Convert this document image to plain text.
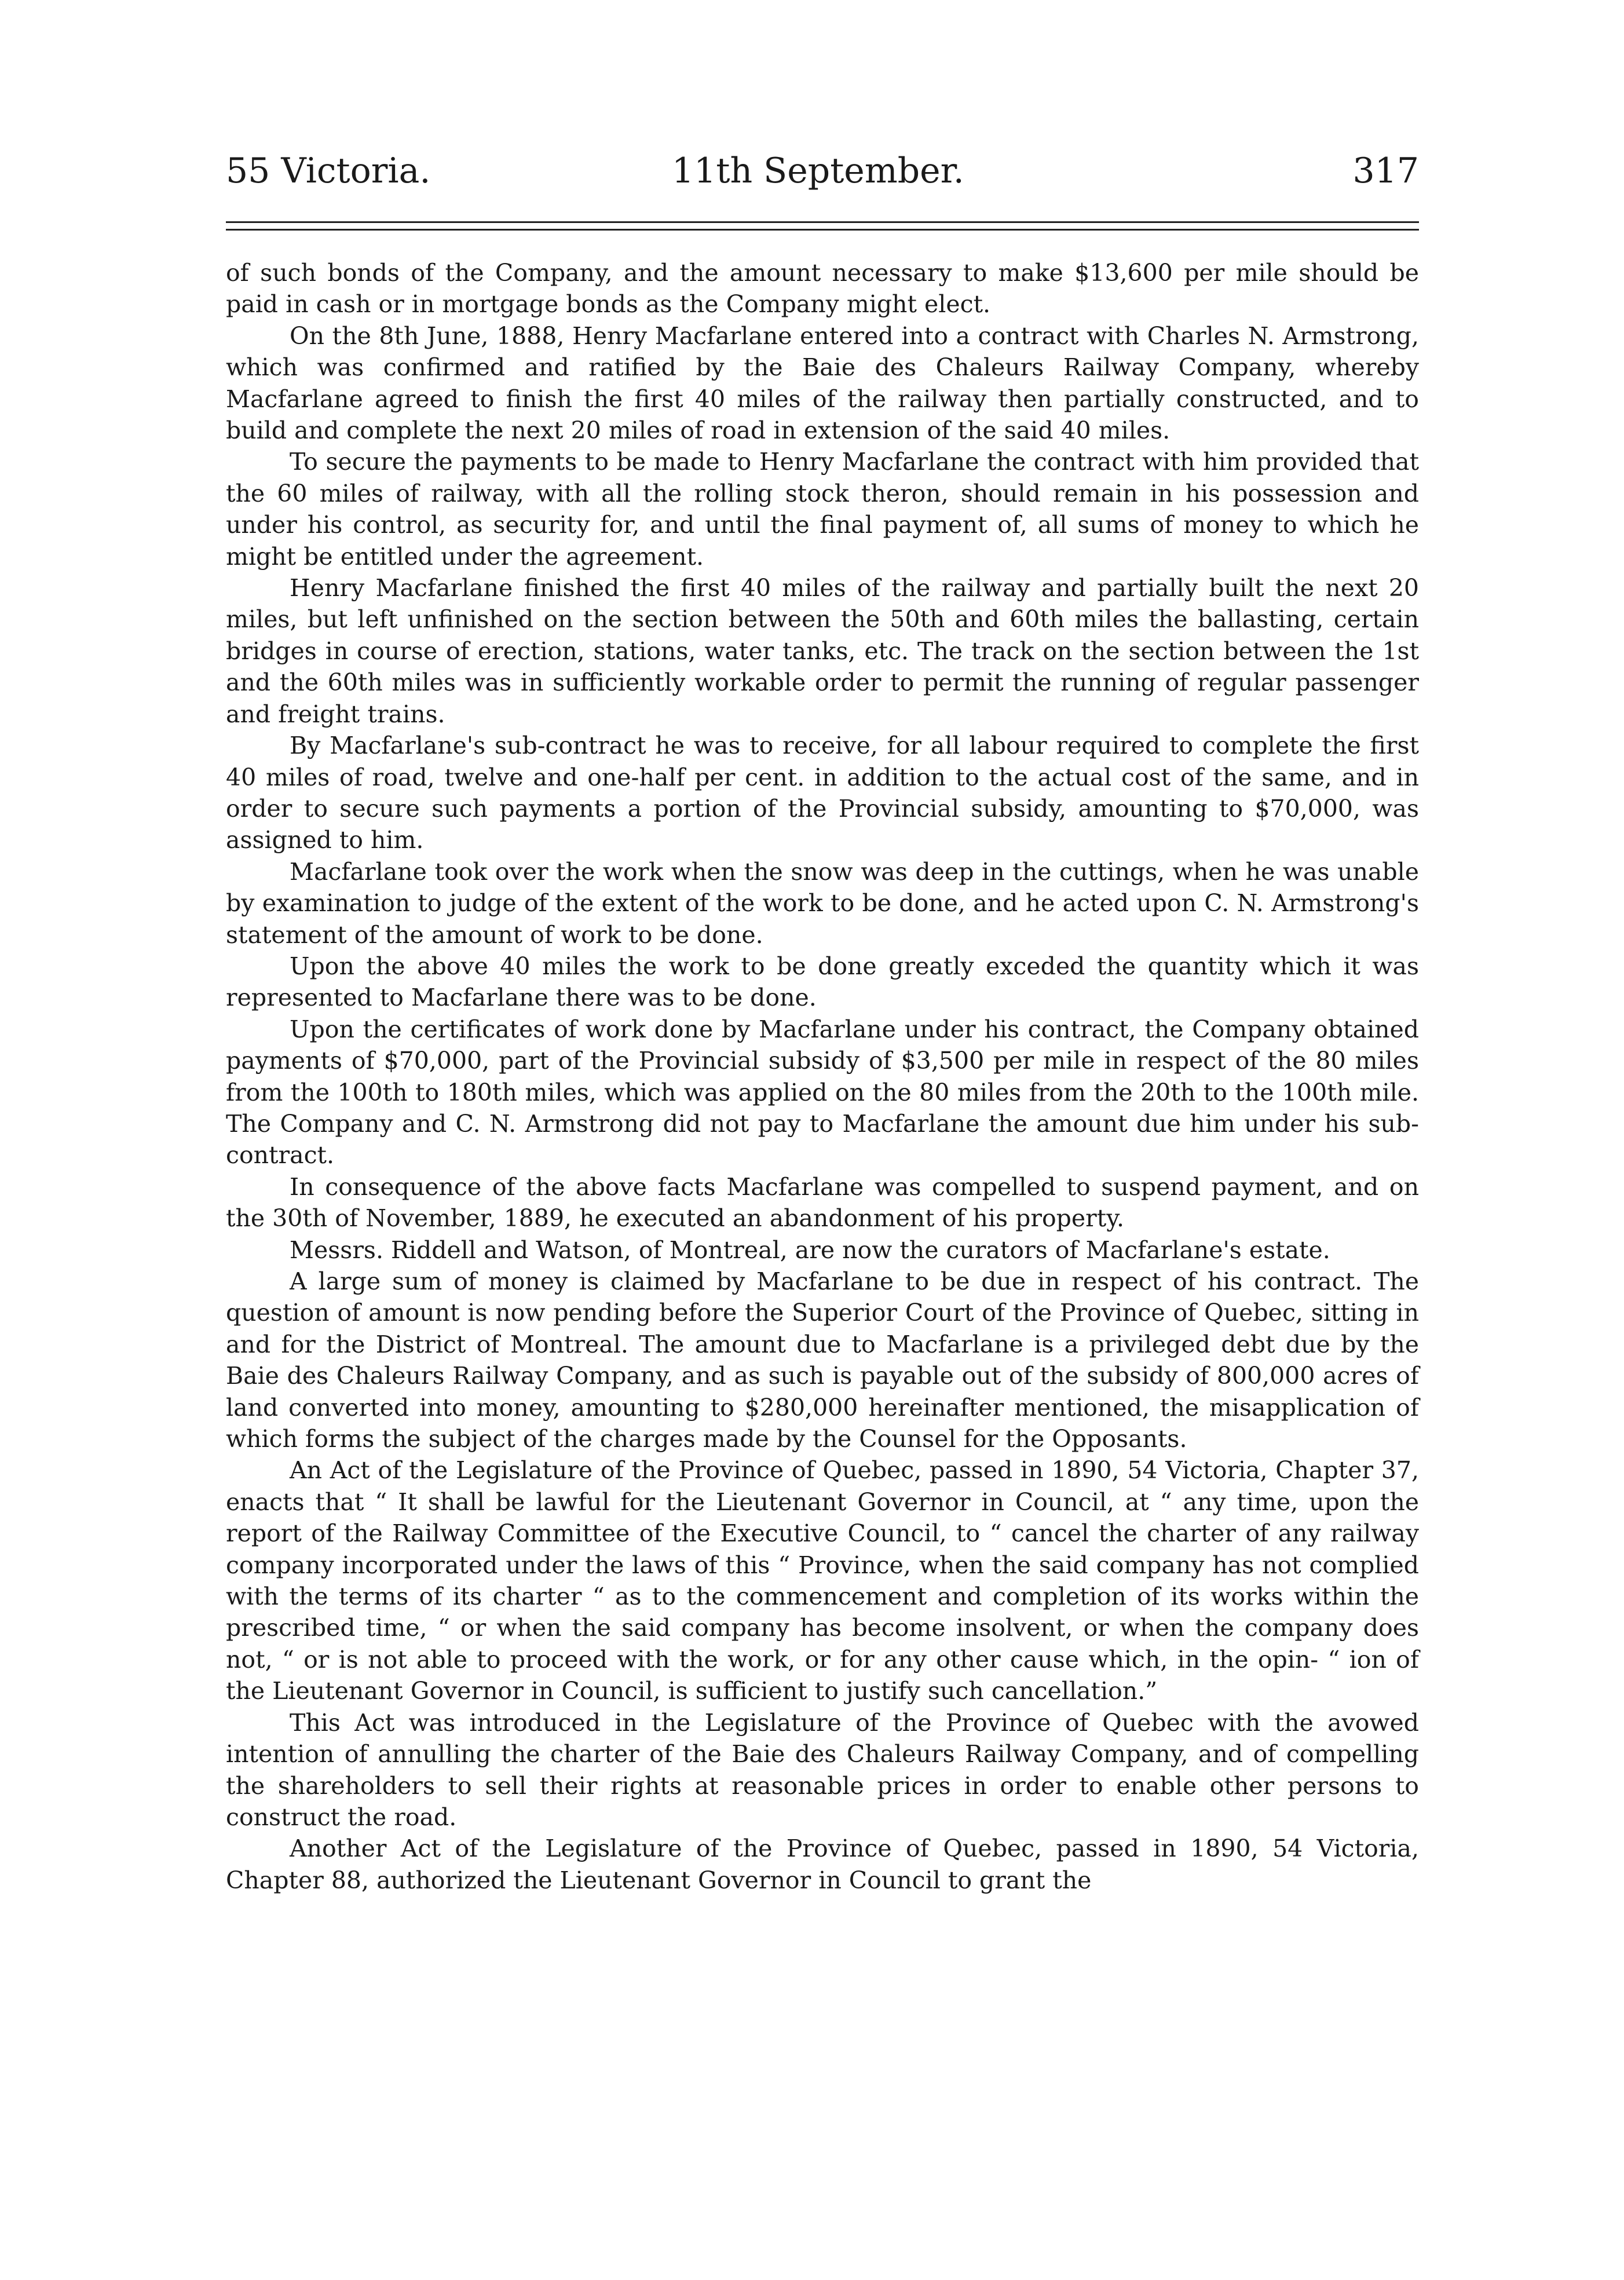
55 Victoria.	11th September.	317

of such bonds of the Company, and the amount necessary to make $13,600 per mile should be paid in cash or in mortgage bonds as the Company might elect.

On the 8th June, 1888, Henry Macfarlane entered into a contract with Charles N. Armstrong, which was confirmed and ratified by the Baie des Chaleurs Railway Company, whereby Macfarlane agreed to finish the first 40 miles of the railway then partially constructed, and to build and complete the next 20 miles of road in extension of the said 40 miles.

To secure the payments to be made to Henry Macfarlane the contract with him provided that the 60 miles of railway, with all the rolling stock theron, should remain in his possession and under his control, as security for, and until the final payment of, all sums of money to which he might be entitled under the agreement.

Henry Macfarlane finished the first 40 miles of the railway and partially built the next 20 miles, but left unfinished on the section between the 50th and 60th miles the ballasting, certain bridges in course of erection, stations, water tanks, etc. The track on the section between the 1st and the 60th miles was in sufficiently workable order to permit the running of regular passenger and freight trains.

By Macfarlane's sub-contract he was to receive, for all labour required to complete the first 40 miles of road, twelve and one-half per cent. in addition to the actual cost of the same, and in order to secure such payments a portion of the Provincial subsidy, amounting to $70,000, was assigned to him.

Macfarlane took over the work when the snow was deep in the cuttings, when he was unable by examination to judge of the extent of the work to be done, and he acted upon C. N. Armstrong's statement of the amount of work to be done.

Upon the above 40 miles the work to be done greatly exceded the quantity which it was represented to Macfarlane there was to be done.

Upon the certificates of work done by Macfarlane under his contract, the Company obtained payments of $70,000, part of the Provincial subsidy of $3,500 per mile in respect of the 80 miles from the 100th to 180th miles, which was applied on the 80 miles from the 20th to the 100th mile. The Company and C. N. Armstrong did not pay to Macfarlane the amount due him under his sub-contract.

In consequence of the above facts Macfarlane was compelled to suspend payment, and on the 30th of November, 1889, he executed an abandonment of his property.

Messrs. Riddell and Watson, of Montreal, are now the curators of Macfarlane's estate.

A large sum of money is claimed by Macfarlane to be due in respect of his contract. The question of amount is now pending before the Superior Court of the Province of Quebec, sitting in and for the District of Montreal. The amount due to Macfarlane is a privileged debt due by the Baie des Chaleurs Railway Company, and as such is payable out of the subsidy of 800,000 acres of land converted into money, amounting to $280,000 hereinafter mentioned, the misapplication of which forms the subject of the charges made by the Counsel for the Opposants.

An Act of the Legislature of the Province of Quebec, passed in 1890, 54 Victoria, Chapter 37, enacts that “ It shall be lawful for the Lieutenant Governor in Council, at “ any time, upon the report of the Railway Committee of the Executive Council, to “ cancel the charter of any railway company incorporated under the laws of this “ Province, when the said company has not complied with the terms of its charter “ as to the commencement and completion of its works within the prescribed time, “ or when the said company has become insolvent, or when the company does not, “ or is not able to proceed with the work, or for any other cause which, in the opin- “ ion of the Lieutenant Governor in Council, is sufficient to justify such cancellation.”

This Act was introduced in the Legislature of the Province of Quebec with the avowed intention of annulling the charter of the Baie des Chaleurs Railway Company, and of compelling the shareholders to sell their rights at reasonable prices in order to enable other persons to construct the road.

Another Act of the Legislature of the Province of Quebec, passed in 1890, 54 Victoria, Chapter 88, authorized the Lieutenant Governor in Council to grant the
